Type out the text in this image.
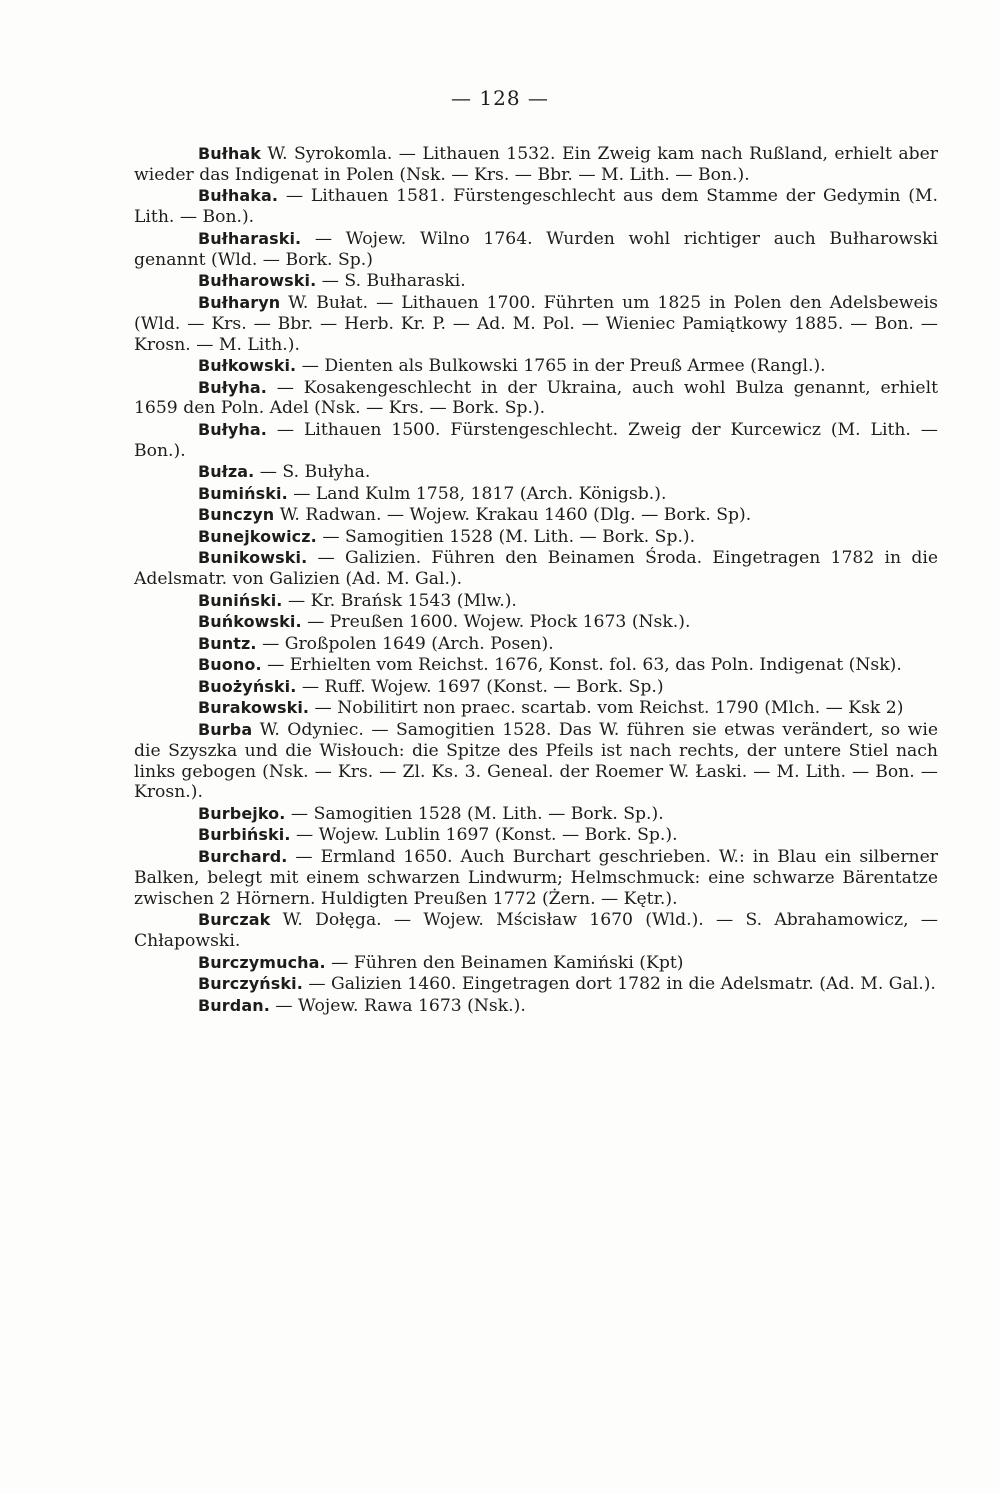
— 128 —

Bułhak W. Syrokomla. — Lithauen 1532. Ein Zweig kam nach Rußland, erhielt aber wieder das Indigenat in Polen (Nsk. — Krs. — Bbr. — M. Lith. — Bon.).

Bułhaka. — Lithauen 1581. Fürstengeschlecht aus dem Stamme der Gedymin (M. Lith. — Bon.).

Bułharaski. — Wojew. Wilno 1764. Wurden wohl richtiger auch Bułharowski genannt (Wld. — Bork. Sp.)

Bułharowski. — S. Bułharaski.

Bułharyn W. Bułat. — Lithauen 1700. Führten um 1825 in Polen den Adelsbeweis (Wld. — Krs. — Bbr. — Herb. Kr. P. — Ad. M. Pol. — Wieniec Pamiątkowy 1885. — Bon. — Krosn. — M. Lith.).

Bułkowski. — Dienten als Bulkowski 1765 in der Preuß Armee (Rangl.).

Bułyha. — Kosakengeschlecht in der Ukraina, auch wohl Bulza genannt, erhielt 1659 den Poln. Adel (Nsk. — Krs. — Bork. Sp.).

Bułyha. — Lithauen 1500. Fürstengeschlecht. Zweig der Kurcewicz (M. Lith. — Bon.).

Bułza. — S. Bułyha.

Bumiński. — Land Kulm 1758, 1817 (Arch. Königsb.).

Bunczyn W. Radwan. — Wojew. Krakau 1460 (Dlg. — Bork. Sp).

Bunejkowicz. — Samogitien 1528 (M. Lith. — Bork. Sp.).

Bunikowski. — Galizien. Führen den Beinamen Środa. Eingetragen 1782 in die Adelsmatr. von Galizien (Ad. M. Gal.).

Buniński. — Kr. Brańsk 1543 (Mlw.).

Buńkowski. — Preußen 1600. Wojew. Płock 1673 (Nsk.).

Buntz. — Großpolen 1649 (Arch. Posen).

Buono. — Erhielten vom Reichst. 1676, Konst. fol. 63, das Poln. Indigenat (Nsk).

Buożyński. — Ruff. Wojew. 1697 (Konst. — Bork. Sp.)

Burakowski. — Nobilitirt non praec. scartab. vom Reichst. 1790 (Mlch. — Ksk 2)

Burba W. Odyniec. — Samogitien 1528. Das W. führen sie etwas verändert, so wie die Szyszka und die Wisłouch: die Spitze des Pfeils ist nach rechts, der untere Stiel nach links gebogen (Nsk. — Krs. — Zl. Ks. 3. Geneal. der Roemer W. Łaski. — M. Lith. — Bon. — Krosn.).

Burbejko. — Samogitien 1528 (M. Lith. — Bork. Sp.).

Burbiński. — Wojew. Lublin 1697 (Konst. — Bork. Sp.).

Burchard. — Ermland 1650. Auch Burchart geschrieben. W.: in Blau ein silberner Balken, belegt mit einem schwarzen Lindwurm; Helmschmuck: eine schwarze Bärentatze zwischen 2 Hörnern. Huldigten Preußen 1772 (Żern. — Kętr.).

Burczak W. Dołęga. — Wojew. Mścisław 1670 (Wld.). — S. Abrahamowicz, — Chłapowski.

Burczymucha. — Führen den Beinamen Kamiński (Kpt)

Burczyński. — Galizien 1460. Eingetragen dort 1782 in die Adelsmatr. (Ad. M. Gal.).

Burdan. — Wojew. Rawa 1673 (Nsk.).
